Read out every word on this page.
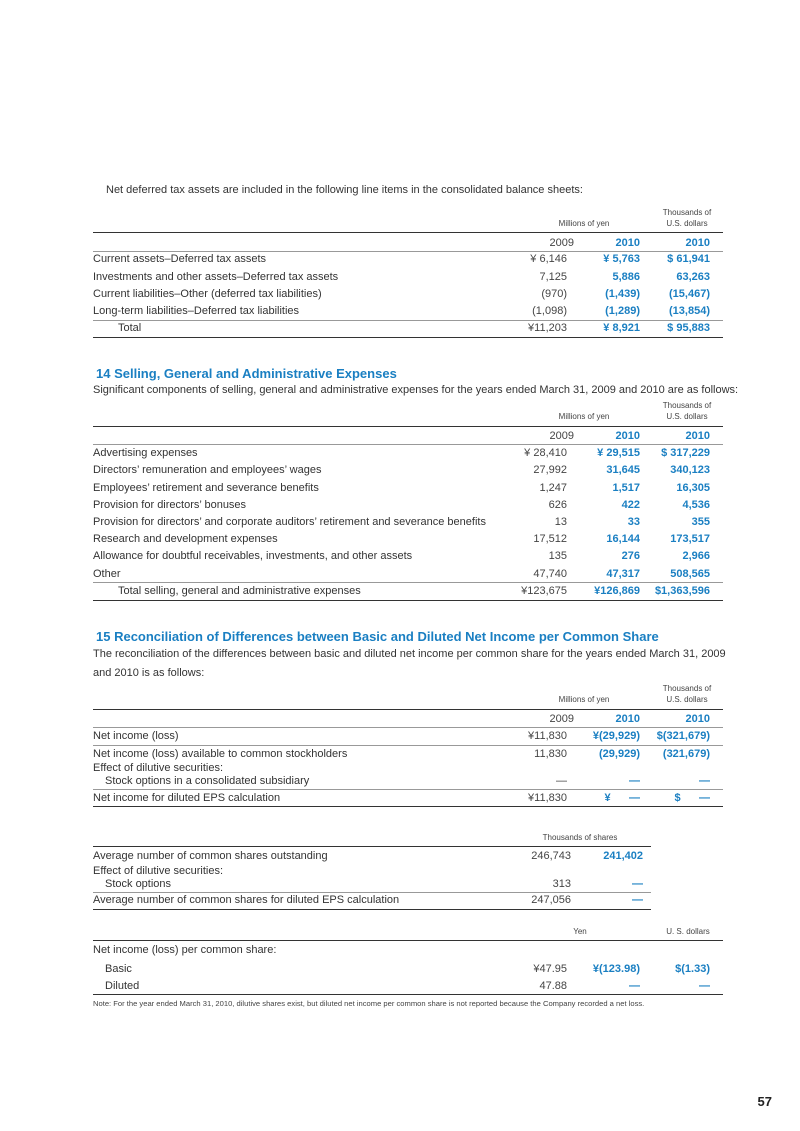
Net deferred tax assets are included in the following line items in the consolidated balance sheets:
Millions of yen
Thousands of
U.S. dollars
2009	2010	2010
Current assets–Deferred tax assets	¥ 6,146	¥ 5,763 $ 61,941
Investments and other assets–Deferred tax assets	7,125	5,886	63,263
Current liabilities–Other (deferred tax liabilities)	(970)	(1,439)	(15,467)
Long-term liabilities–Deferred tax liabilities	(1,098)	(1,289)	(13,854)
Total	¥11,203	¥ 8,921 $ 95,883
14 Selling, General and Administrative Expenses
Significant components of selling, general and administrative expenses for the years ended March 31, 2009 and 2010 are as follows:
Millions of yen
Thousands of
U.S. dollars
2009	2010	2010
Advertising expenses	¥ 28,410	¥ 29,515 $ 317,229
Directors’ remuneration and employees’ wages	27,992	31,645	340,123
Employees’ retirement and severance benefits	1,247	1,517	16,305
Provision for directors’ bonuses	626	422	4,536
Provision for directors’ and corporate auditors’ retirement and severance benefits	13	33	355
Research and development expenses	17,512	16,144	173,517
Allowance for doubtful receivables, investments, and other assets	135	276	2,966
Other	47,740	47,317	508,565
Total selling, general and administrative expenses	¥123,675 ¥126,869 $1,363,596
15 Reconciliation of Differences between Basic and Diluted Net Income per Common Share
The reconciliation of the differences between basic and diluted net income per common share for the years ended March 31, 2009
and 2010 is as follows:
Millions of yen
Thousands of
U.S. dollars
2009	2010	2010
Net income (loss)	¥11,830 ¥(29,929) $(321,679)
Net income (loss) available to common stockholders	11,830	(29,929) (321,679)
Effect of dilutive securities:
Stock options in a consolidated subsidiary	—	—	—
Net income for diluted EPS calculation	¥11,830	¥      —	$      —
Thousands of shares
Average number of common shares outstanding	246,743	241,402
Effect of dilutive securities:
Stock options	313	—
Average number of common shares for diluted EPS calculation	247,056	—
Yen	U. S. dollars
Net income (loss) per common share:
Basic	¥47.95 ¥(123.98)	$(1.33)
Diluted	47.88	—	—
Note: For the year ended March 31, 2010, dilutive shares exist, but diluted net income per common share is not reported because the Company recorded a net loss.
57
